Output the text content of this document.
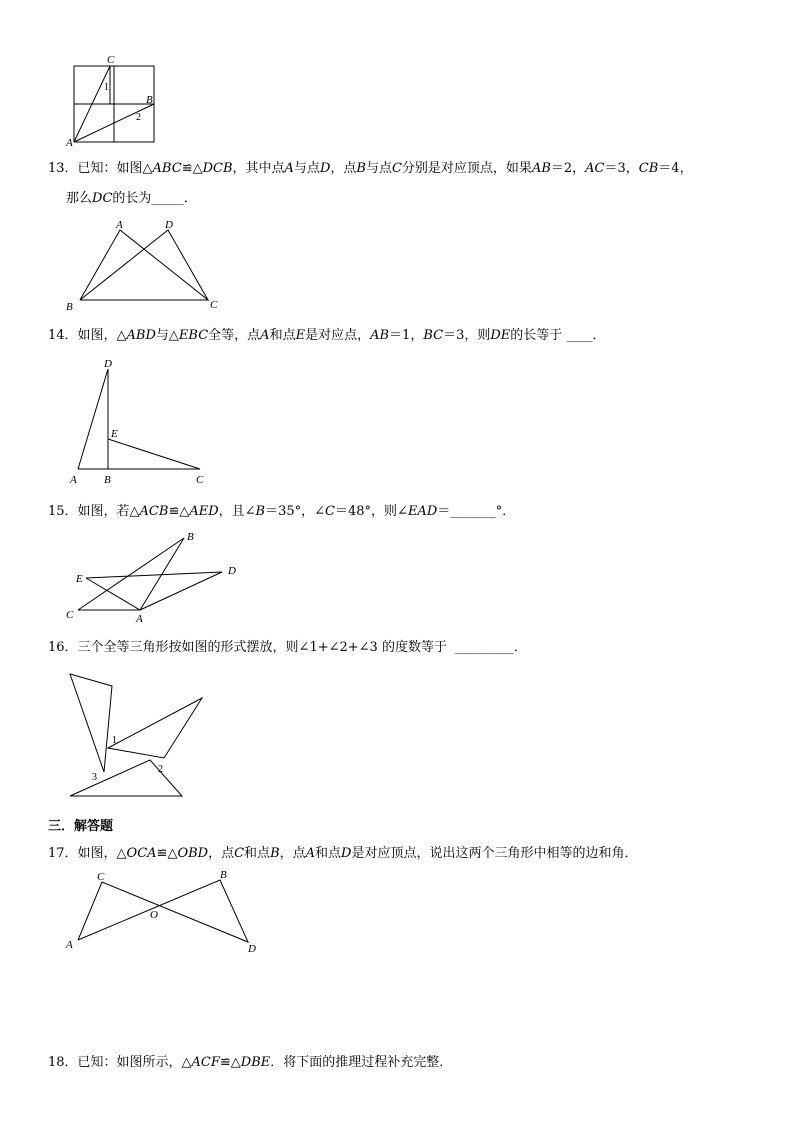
C
B
A
1
2
13．已知：如图△ABC≌△DCB，其中点A与点D，点B与点C分别是对应顶点，如果AB＝2，AC＝3，CB＝4，
那么DC的长为_____．
A	D
B	C
14．如图，△ABD与△EBC全等，点A和点E是对应点，AB＝1，BC＝3，则DE的长等于 ____．
D
E
A B	C
15．如图，若△ACB≌△AED，且∠B＝35°，∠C＝48°，则∠EAD＝_______°．
B
E
D
C	A
16．三个全等三角形按如图的形式摆放，则∠1+∠2+∠3 的度数等于 _________．
1
2
3
三．解答题
17．如图，△OCA≌△OBD，点C和点B，点A和点D是对应顶点，说出这两个三角形中相等的边和角．
C	B
O
A	D
18．已知：如图所示，△ACF≌△DBE．将下面的推理过程补充完整．
